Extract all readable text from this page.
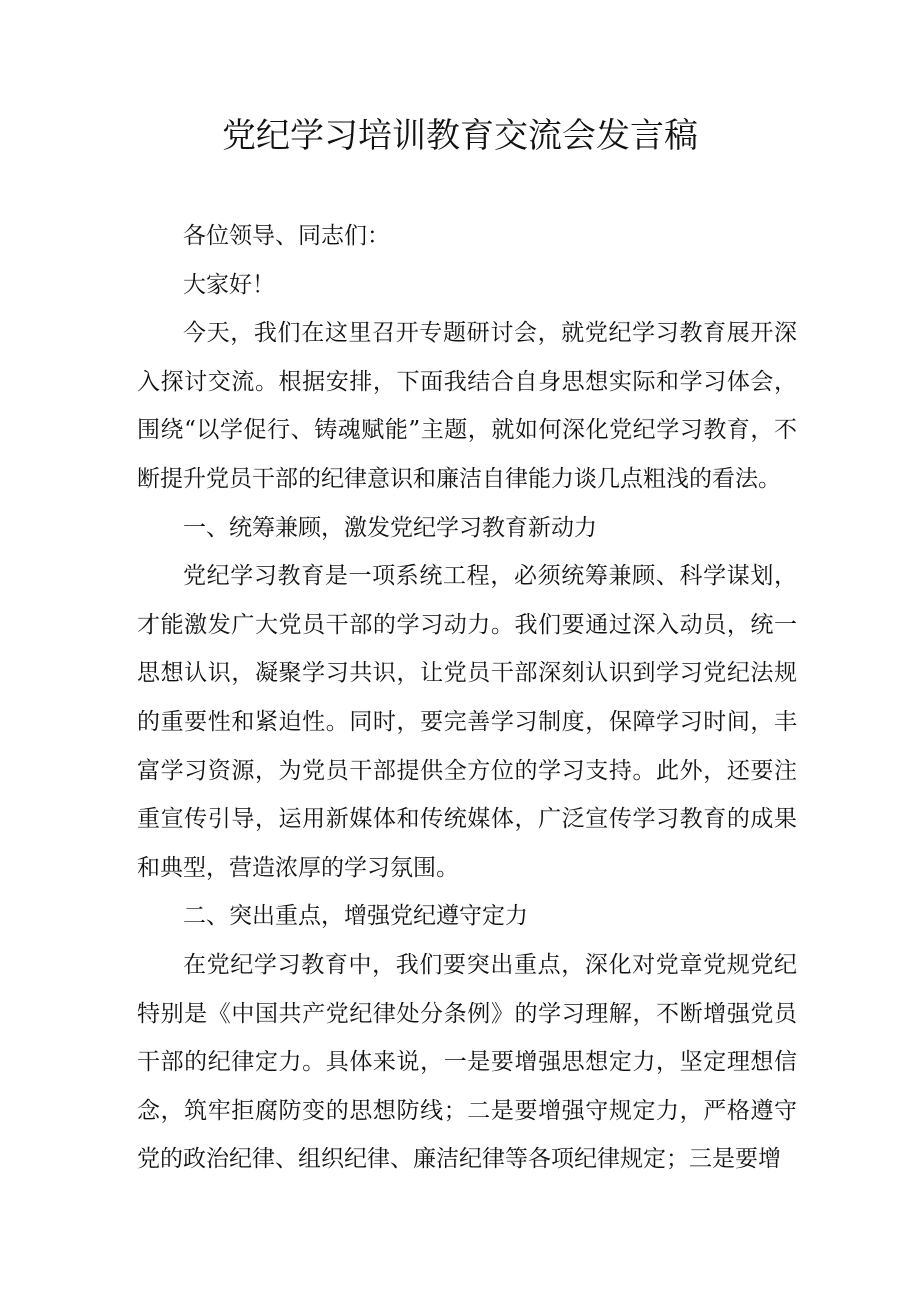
党纪学习培训教育交流会发言稿

各位领导、同志们：

大家好！

今天，我们在这里召开专题研讨会，就党纪学习教育展开深入探讨交流。根据安排，下面我结合自身思想实际和学习体会，围绕“以学促行、铸魂赋能”主题，就如何深化党纪学习教育，不断提升党员干部的纪律意识和廉洁自律能力谈几点粗浅的看法。

一、统筹兼顾，激发党纪学习教育新动力

党纪学习教育是一项系统工程，必须统筹兼顾、科学谋划，才能激发广大党员干部的学习动力。我们要通过深入动员，统一思想认识，凝聚学习共识，让党员干部深刻认识到学习党纪法规的重要性和紧迫性。同时，要完善学习制度，保障学习时间，丰富学习资源，为党员干部提供全方位的学习支持。此外，还要注重宣传引导，运用新媒体和传统媒体，广泛宣传学习教育的成果和典型，营造浓厚的学习氛围。

二、突出重点，增强党纪遵守定力

在党纪学习教育中，我们要突出重点，深化对党章党规党纪特别是《中国共产党纪律处分条例》的学习理解，不断增强党员干部的纪律定力。具体来说，一是要增强思想定力，坚定理想信念，筑牢拒腐防变的思想防线；二是要增强守规定力，严格遵守党的政治纪律、组织纪律、廉洁纪律等各项纪律规定；三是要增
